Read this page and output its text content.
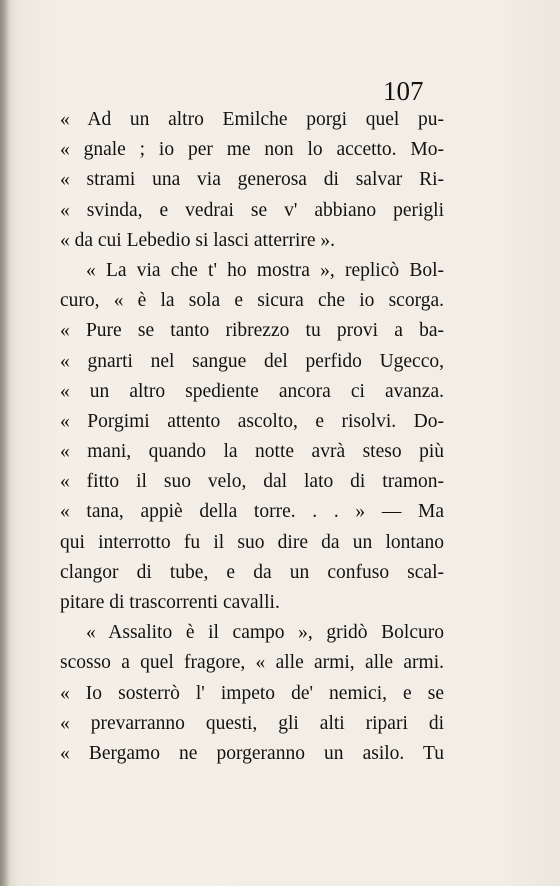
107
« Ad un altro Emilche porgi quel pu-
« gnale ; io per me non lo accetto. Mo-
« strami una via generosa di salvar Ri-
« svinda, e vedrai se v' abbiano perigli
« da cui Lebedio si lasci atterrire ».
« La via che t' ho mostra », replicò Bol-
curo, « è la sola e sicura che io scorga.
« Pure se tanto ribrezzo tu provi a ba-
« gnarti nel sangue del perfido Ugecco,
« un altro spediente ancora ci avanza.
« Porgimi attento ascolto, e risolvi. Do-
« mani, quando la notte avrà steso più
« fitto il suo velo, dal lato di tramon-
« tana, appiè della torre. . . » — Ma
qui interrotto fu il suo dire da un lontano
clangor di tube, e da un confuso scal-
pitare di trascorrenti cavalli.
« Assalito è il campo », gridò Bolcuro
scosso a quel fragore, « alle armi, alle armi.
« Io sosterrò l' impeto de' nemici, e se
« prevarranno questi, gli alti ripari di
« Bergamo ne porgeranno un asilo. Tu
